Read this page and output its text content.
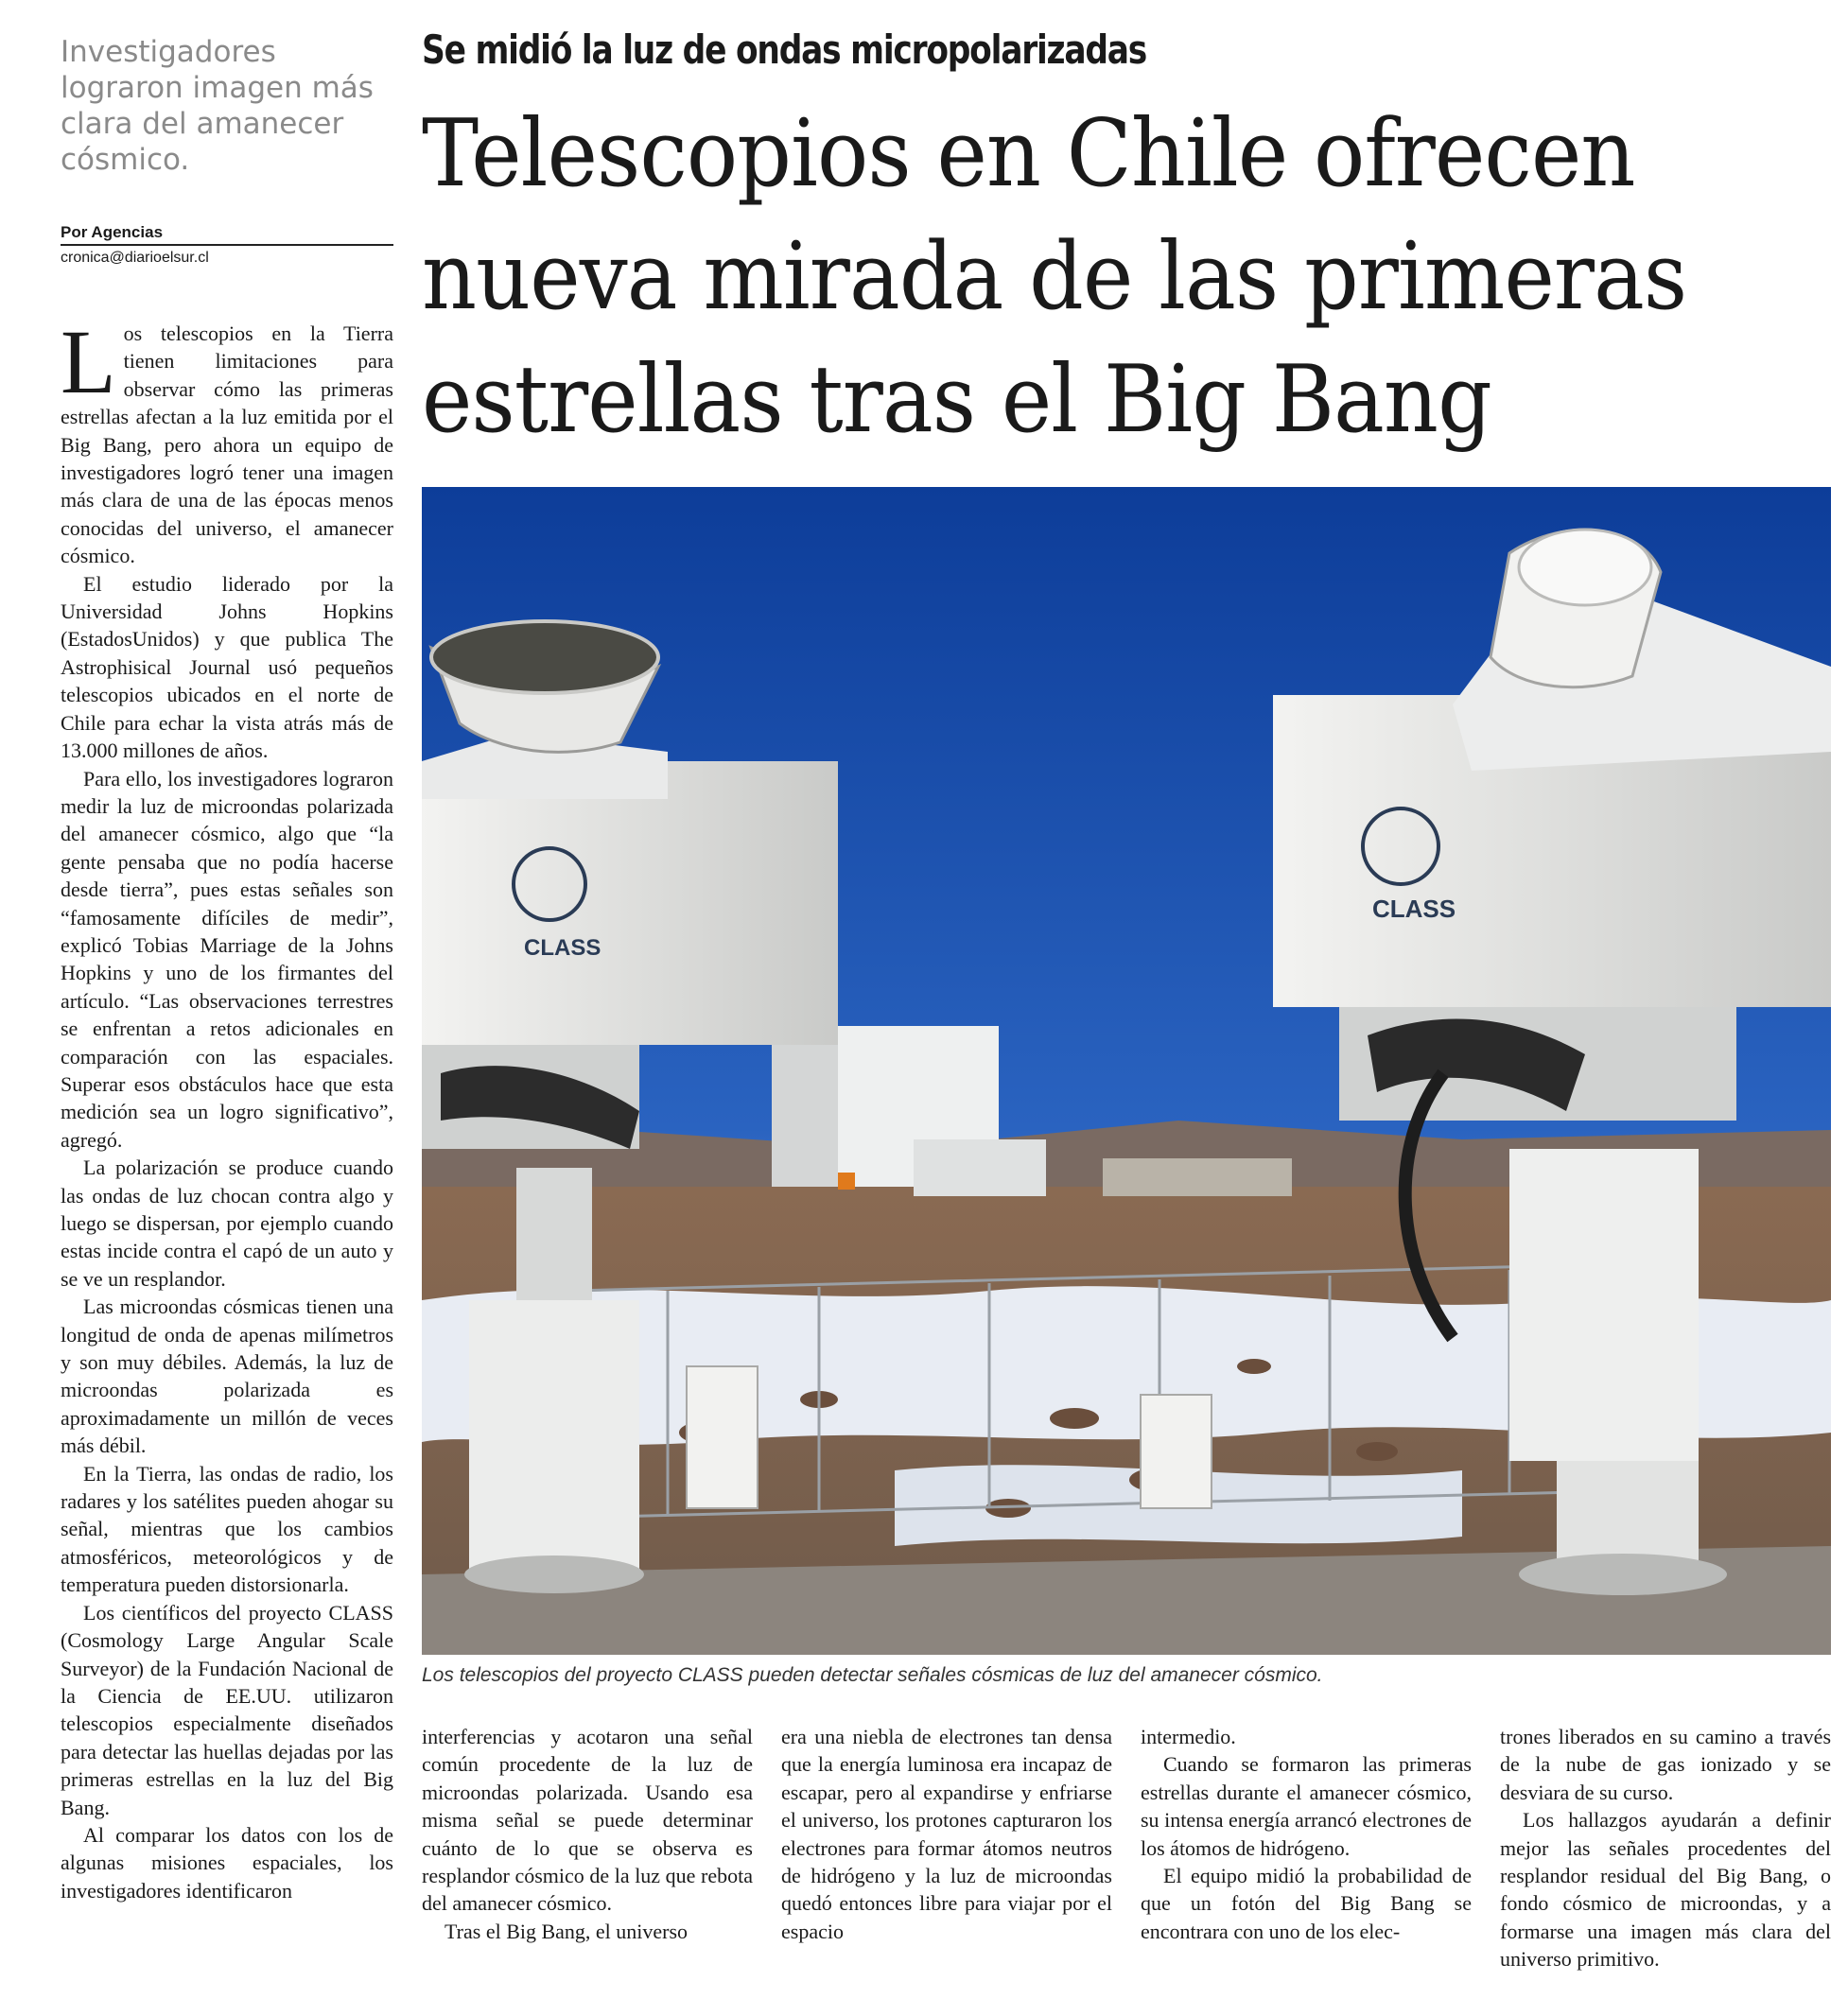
Investigadores lograron imagen más clara del amanecer cósmico.

Por Agencias
cronica@diarioelsur.cl

Los telescopios en la Tierra tienen limitaciones para observar cómo las primeras estrellas afectan a la luz emitida por el Big Bang, pero ahora un equipo de investigadores logró tener una imagen más clara de una de las épocas menos conocidas del universo, el amanecer cósmico.

El estudio liderado por la Universidad Johns Hopkins (EstadosUnidos) y que publica The Astrophisical Journal usó pequeños telescopios ubicados en el norte de Chile para echar la vista atrás más de 13.000 millones de años.

Para ello, los investigadores lograron medir la luz de microondas polarizada del amanecer cósmico, algo que “la gente pensaba que no podía hacerse desde tierra”, pues estas señales son “famosamente difíciles de medir”, explicó Tobias Marriage de la Johns Hopkins y uno de los firmantes del artículo. “Las observaciones terrestres se enfrentan a retos adicionales en comparación con las espaciales. Superar esos obstáculos hace que esta medición sea un logro significativo”, agregó.

La polarización se produce cuando las ondas de luz chocan contra algo y luego se dispersan, por ejemplo cuando estas incide contra el capó de un auto y se ve un resplandor.

Las microondas cósmicas tienen una longitud de onda de apenas milímetros y son muy débiles. Además, la luz de microondas polarizada es aproximadamente un millón de veces más débil.

En la Tierra, las ondas de radio, los radares y los satélites pueden ahogar su señal, mientras que los cambios atmosféricos, meteorológicos y de temperatura pueden distorsionarla.

Los científicos del proyecto CLASS (Cosmology Large Angular Scale Surveyor) de la Fundación Nacional de la Ciencia de EE.UU. utilizaron telescopios especialmente diseñados para detectar las huellas dejadas por las primeras estrellas en la luz del Big Bang.

Al comparar los datos con los de algunas misiones espaciales, los investigadores identificaron

Se midió la luz de ondas micropolarizadas
Telescopios en Chile ofrecen nueva mirada de las primeras estrellas tras el Big Bang
CLASS
CLASS
Los telescopios del proyecto CLASS pueden detectar señales cósmicas de luz del amanecer cósmico.

interferencias y acotaron una señal común procedente de la luz de microondas polarizada. Usando esa misma señal se puede determinar cuánto de lo que se observa es resplandor cósmico de la luz que rebota del amanecer cósmico.

Tras el Big Bang, el universo

era una niebla de electrones tan densa que la energía luminosa era incapaz de escapar, pero al expandirse y enfriarse el universo, los protones capturaron los electrones para formar átomos neutros de hidrógeno y la luz de microondas quedó entonces libre para viajar por el espacio

intermedio.

Cuando se formaron las primeras estrellas durante el amanecer cósmico, su intensa energía arrancó electrones de los átomos de hidrógeno.

El equipo midió la probabilidad de que un fotón del Big Bang se encontrara con uno de los elec-

trones liberados en su camino a través de la nube de gas ionizado y se desviara de su curso.

Los hallazgos ayudarán a definir mejor las señales procedentes del resplandor residual del Big Bang, o fondo cósmico de microondas, y a formarse una imagen más clara del universo primitivo.
